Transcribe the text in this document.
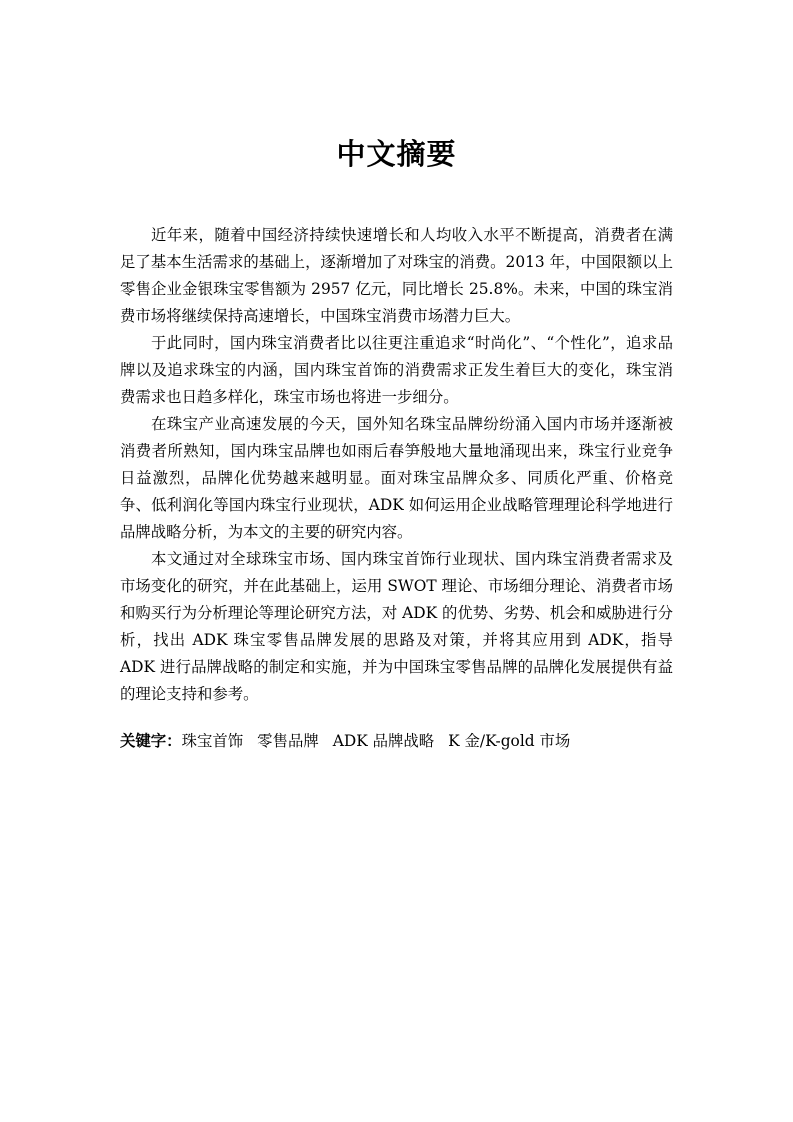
中文摘要

近年来，随着中国经济持续快速增长和人均收入水平不断提高，消费者在满足了基本生活需求的基础上，逐渐增加了对珠宝的消费。2013 年，中国限额以上零售企业金银珠宝零售额为 2957 亿元，同比增长 25.8%。未来，中国的珠宝消费市场将继续保持高速增长，中国珠宝消费市场潜力巨大。

于此同时，国内珠宝消费者比以往更注重追求“时尚化”、“个性化”，追求品牌以及追求珠宝的内涵，国内珠宝首饰的消费需求正发生着巨大的变化，珠宝消费需求也日趋多样化，珠宝市场也将进一步细分。

在珠宝产业高速发展的今天，国外知名珠宝品牌纷纷涌入国内市场并逐渐被消费者所熟知，国内珠宝品牌也如雨后春笋般地大量地涌现出来，珠宝行业竞争日益激烈，品牌化优势越来越明显。面对珠宝品牌众多、同质化严重、价格竞争、低利润化等国内珠宝行业现状，ADK 如何运用企业战略管理理论科学地进行品牌战略分析，为本文的主要的研究内容。

本文通过对全球珠宝市场、国内珠宝首饰行业现状、国内珠宝消费者需求及市场变化的研究，并在此基础上，运用 SWOT 理论、市场细分理论、消费者市场和购买行为分析理论等理论研究方法，对 ADK 的优势、劣势、机会和威胁进行分析，找出 ADK 珠宝零售品牌发展的思路及对策，并将其应用到 ADK，指导 ADK 进行品牌战略的制定和实施，并为中国珠宝零售品牌的品牌化发展提供有益的理论支持和参考。

关键字：珠宝首饰 零售品牌 ADK 品牌战略 K 金/K-gold 市场
